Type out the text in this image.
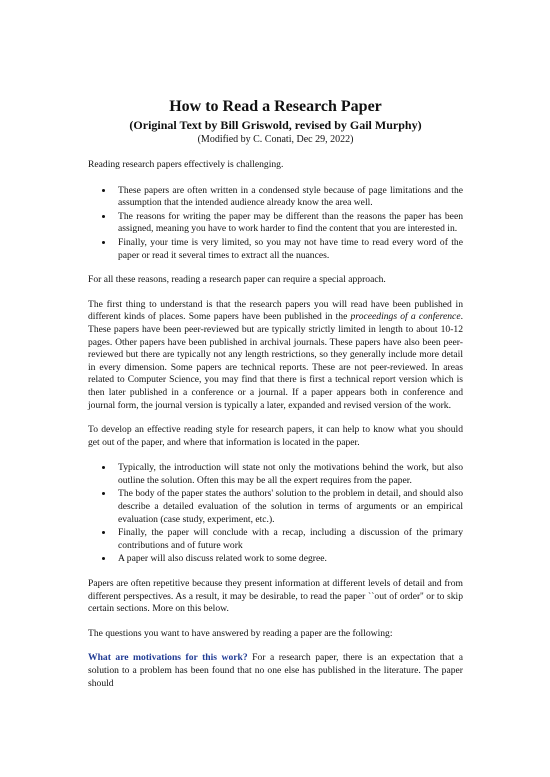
How to Read a Research Paper
(Original Text by Bill Griswold, revised by Gail Murphy)
(Modified by C. Conati, Dec 29, 2022)

Reading research papers effectively is challenging.

• These papers are often written in a condensed style because of page limitations and the assumption that the intended audience already know the area well.
• The reasons for writing the paper may be different than the reasons the paper has been assigned, meaning you have to work harder to find the content that you are interested in.
• Finally, your time is very limited, so you may not have time to read every word of the paper or read it several times to extract all the nuances.

For all these reasons, reading a research paper can require a special approach.

The first thing to understand is that the research papers you will read have been published in different kinds of places. Some papers have been published in the proceedings of a conference. These papers have been peer-reviewed but are typically strictly limited in length to about 10-12 pages. Other papers have been published in archival journals. These papers have also been peer-reviewed but there are typically not any length restrictions, so they generally include more detail in every dimension. Some papers are technical reports. These are not peer-reviewed. In areas related to Computer Science, you may find that there is first a technical report version which is then later published in a conference or a journal. If a paper appears both in conference and journal form, the journal version is typically a later, expanded and revised version of the work.

To develop an effective reading style for research papers, it can help to know what you should get out of the paper, and where that information is located in the paper.

• Typically, the introduction will state not only the motivations behind the work, but also outline the solution. Often this may be all the expert requires from the paper.
• The body of the paper states the authors' solution to the problem in detail, and should also describe a detailed evaluation of the solution in terms of arguments or an empirical evaluation (case study, experiment, etc.).
• Finally, the paper will conclude with a recap, including a discussion of the primary contributions and of future work
• A paper will also discuss related work to some degree.

Papers are often repetitive because they present information at different levels of detail and from different perspectives. As a result, it may be desirable, to read the paper ``out of order'' or to skip certain sections. More on this below.

The questions you want to have answered by reading a paper are the following:

What are motivations for this work? For a research paper, there is an expectation that a solution to a problem has been found that no one else has published in the literature. The paper should
